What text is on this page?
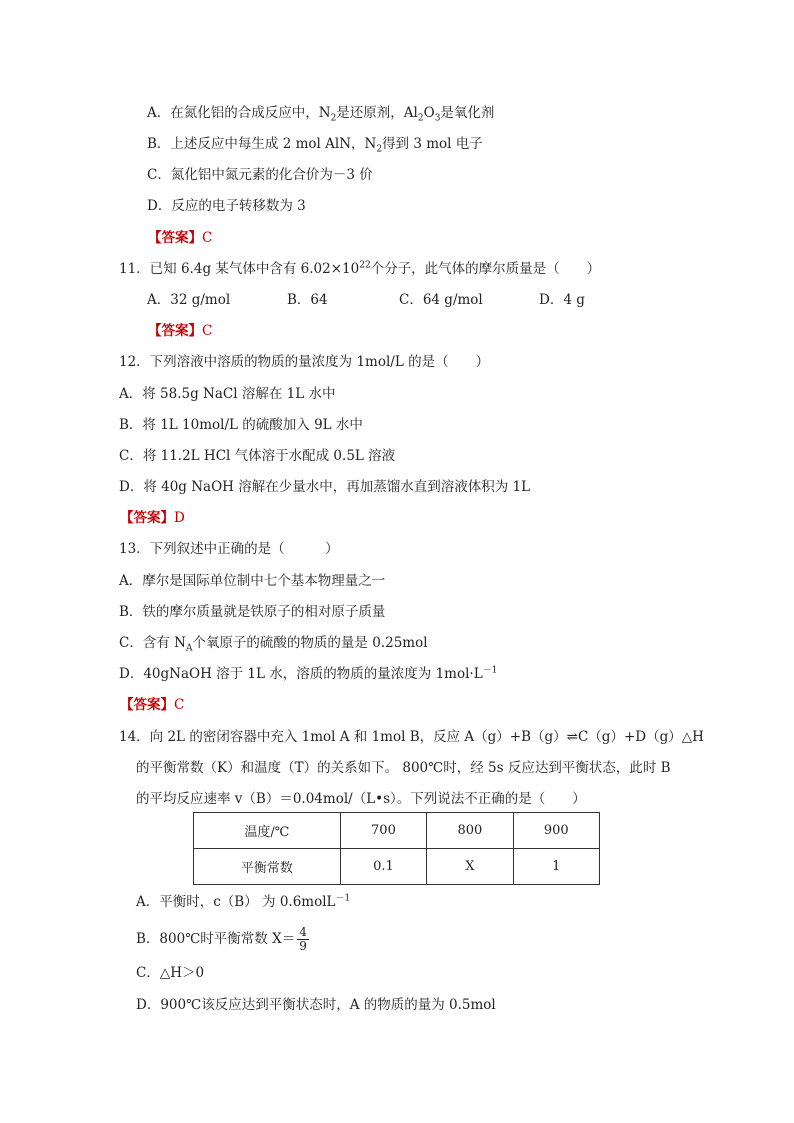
A．在氮化铝的合成反应中，$N_2$是还原剂，$Al_2O_3$是氧化剂
B．上述反应中每生成 2 mol AlN，$N_2$得到 3 mol 电子
C．氮化铝中氮元素的化合价为－3 价
D．反应的电子转移数为 3
【答案】C
11．已知 6.4g 某气体中含有 $6.02\times 10^{22}$个分子，此气体的摩尔质量是（　　）
A．32 g/mol	B．64	C．64 g/mol	D．4 g
【答案】C
12．下列溶液中溶质的物质的量浓度为 1mol/L 的是（　　）
A．将 58.5g NaCl 溶解在 1L 水中
B．将 1L 10mol/L 的硫酸加入 9L 水中
C．将 11.2L HCl 气体溶于水配成 0.5L 溶液
D．将 40g NaOH 溶解在少量水中，再加蒸馏水直到溶液体积为 1L
【答案】D
13．下列叙述中正确的是（　　　）
A．摩尔是国际单位制中七个基本物理量之一
B．铁的摩尔质量就是铁原子的相对原子质量
C．含有 $N_A$个氧原子的硫酸的物质的量是 0.25mol
D．40gNaOH 溶于 1L 水，溶质的物质的量浓度为 $1mol\cdot L^{-1}$
【答案】C
14．向 2L 的密闭容器中充入 1mol A 和 1mol B，反应 A（g）+B（g）⇌C（g）+D（g）△H
的平衡常数（K）和温度（T）的关系如下。 800℃时，经 5s 反应达到平衡状态，此时 B
的平均反应速率 v（B）＝0.04mol/（L•s）。下列说法不正确的是（　　）
温度/℃	700	800	900
平衡常数	0.1	X	1
A．平衡时，c（B） 为 0.6molL$^{-1}$
B．800℃时平衡常数 $X= \frac{4}{9}$
C．△H＞0
D．900℃该反应达到平衡状态时，A 的物质的量为 0.5mol
